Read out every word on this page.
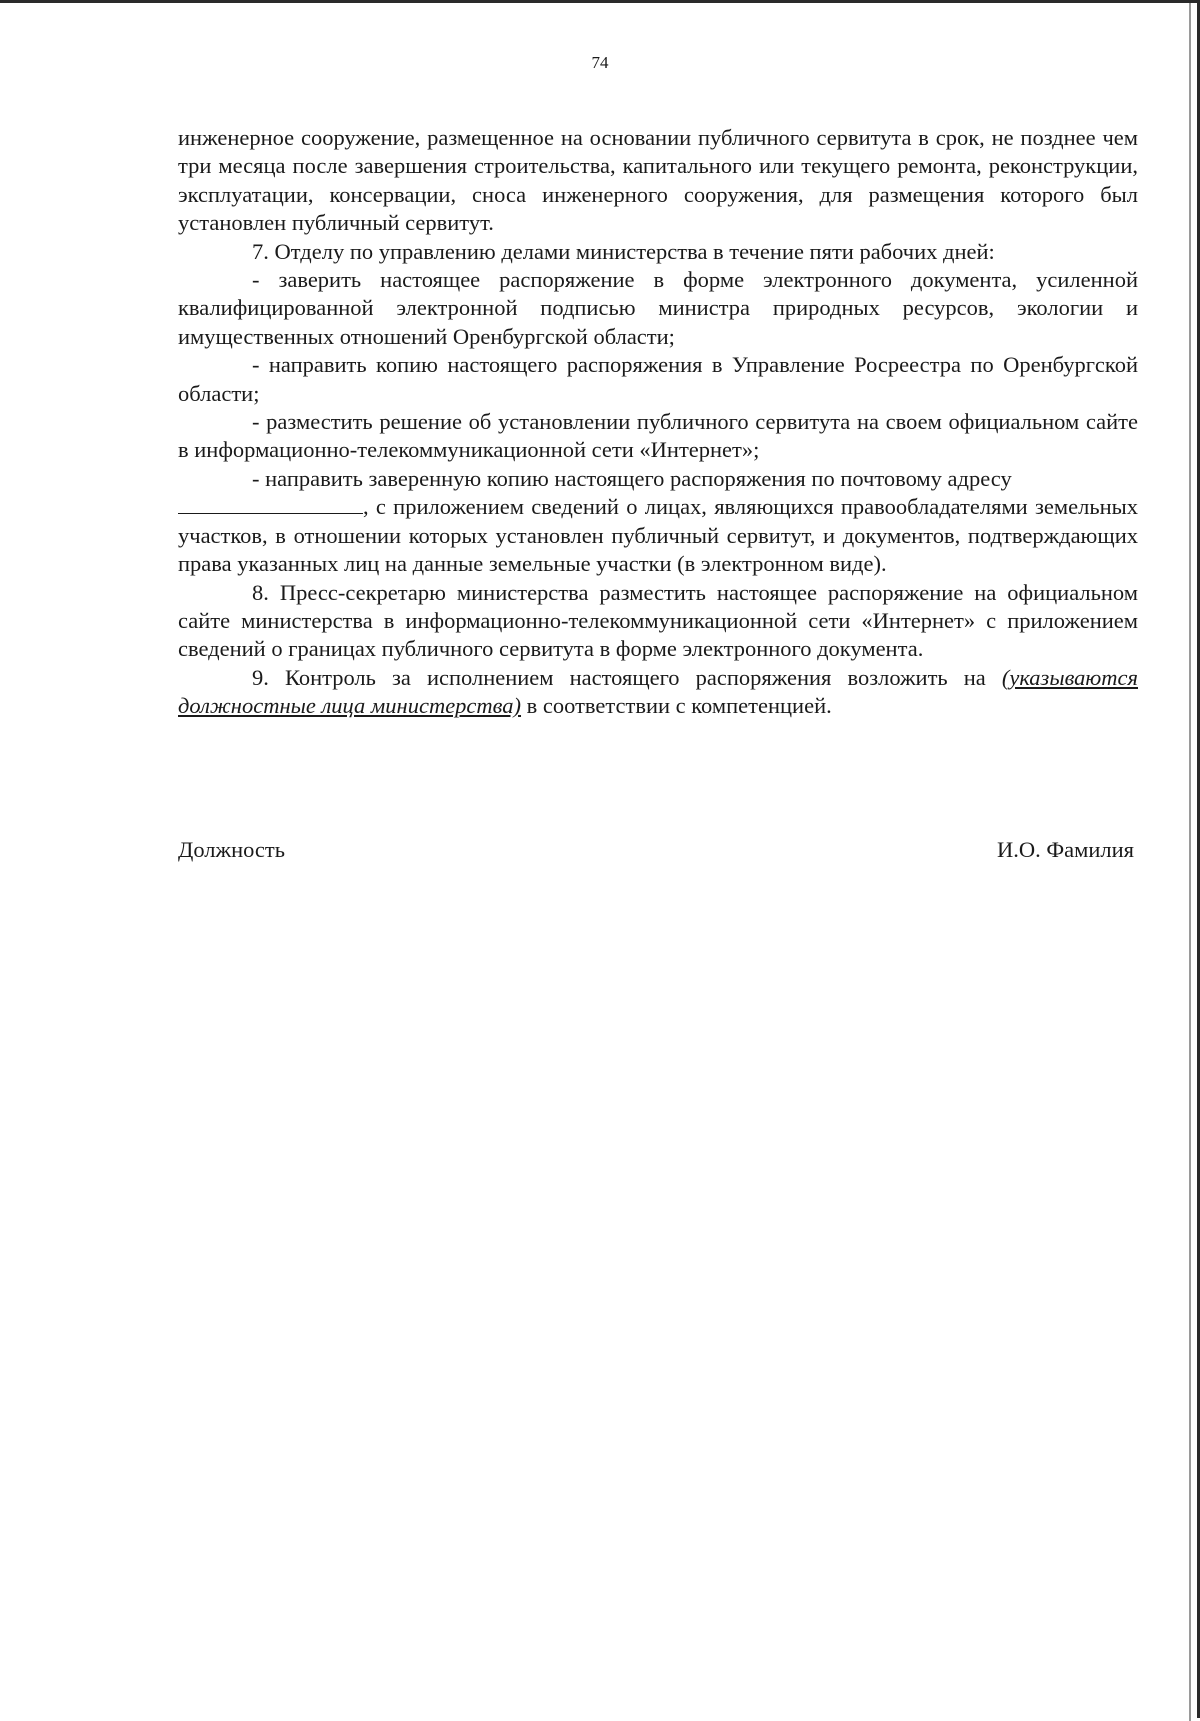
74

инженерное сооружение, размещенное на основании публичного сервитута в срок, не позднее чем три месяца после завершения строительства, капитального или текущего ремонта, реконструкции, эксплуатации, консервации, сноса инженерного сооружения, для размещения которого был установлен публичный сервитут.

7. Отделу по управлению делами министерства в течение пяти рабочих дней:

- заверить настоящее распоряжение в форме электронного документа, усиленной квалифицированной электронной подписью министра природных ресурсов, экологии и имущественных отношений Оренбургской области;

- направить копию настоящего распоряжения в Управление Росреестра по Оренбургской области;

- разместить решение об установлении публичного сервитута на своем официальном сайте в информационно-телекоммуникационной сети «Интернет»;

- направить заверенную копию настоящего распоряжения по почтовому адресу

, с приложением сведений о лицах, являющихся правообладателями земельных участков, в отношении которых установлен публичный сервитут, и документов, подтверждающих права указанных лиц на данные земельные участки (в электронном виде).

8. Пресс-секретарю министерства разместить настоящее распоряжение на официальном сайте министерства в информационно-телекоммуникационной сети «Интернет» с приложением сведений о границах публичного сервитута в форме электронного документа.

9. Контроль за исполнением настоящего распоряжения возложить на (указываются должностные лица министерства) в соответствии с компетенцией.

Должность	И.О. Фамилия
